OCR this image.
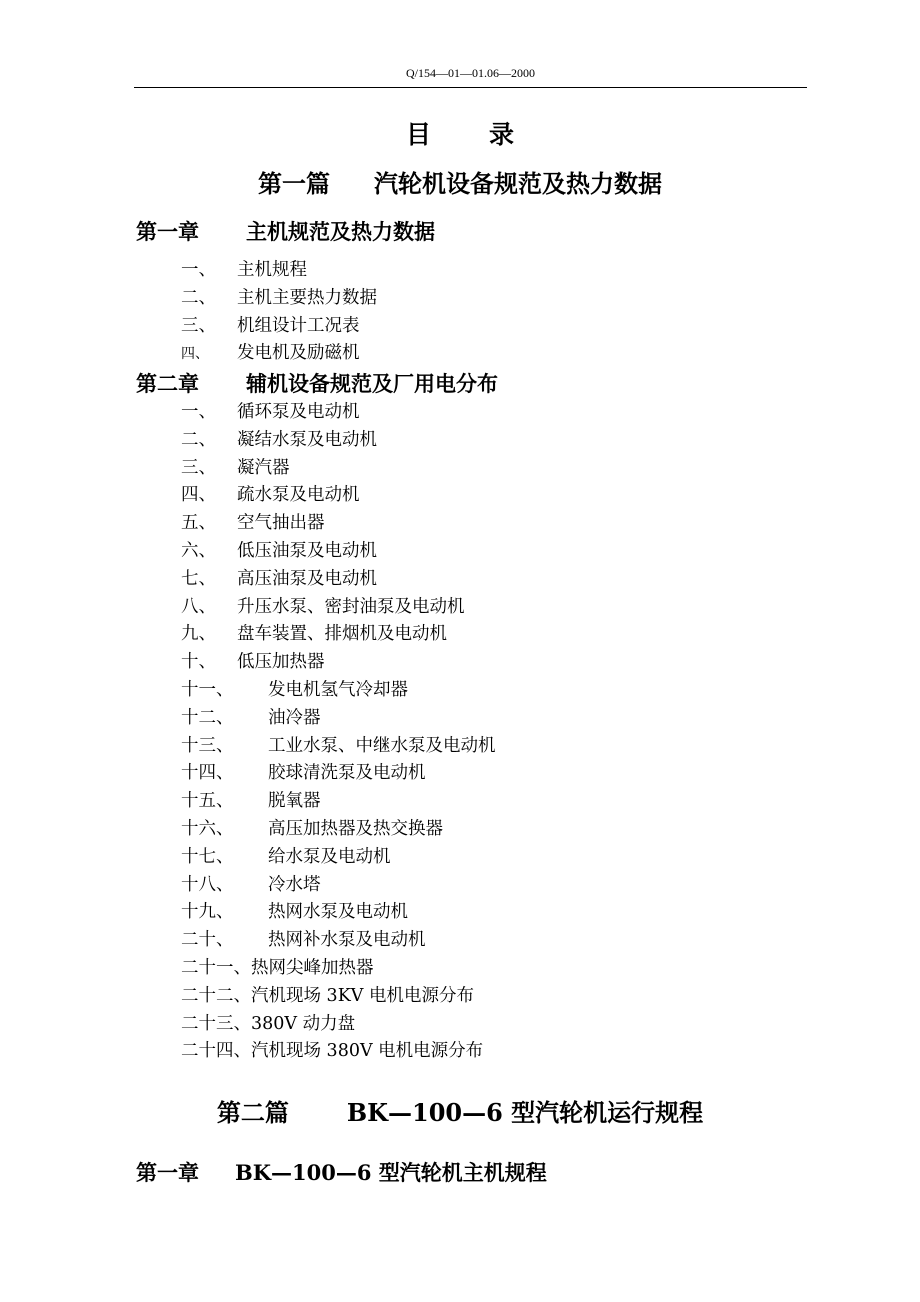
Q/154—01—01.06—2000
目录
第一篇 汽轮机设备规范及热力数据
第一章 主机规范及热力数据
一、 主机规程
二、 主机主要热力数据
三、 机组设计工况表
四、 发电机及励磁机
第二章 辅机设备规范及厂用电分布
一、 循环泵及电动机
二、 凝结水泵及电动机
三、 凝汽器
四、 疏水泵及电动机
五、 空气抽出器
六、 低压油泵及电动机
七、 高压油泵及电动机
八、 升压水泵、密封油泵及电动机
九、 盘车装置、排烟机及电动机
十、 低压加热器
十一、 发电机氢气冷却器
十二、 油冷器
十三、 工业水泵、中继水泵及电动机
十四、 胶球清洗泵及电动机
十五、 脱氧器
十六、 高压加热器及热交换器
十七、 给水泵及电动机
十八、 冷水塔
十九、 热网水泵及电动机
二十、 热网补水泵及电动机
二十一、热网尖峰加热器
二十二、汽机现场 3KV 电机电源分布
二十三、380V 动力盘
二十四、汽机现场 380V 电机电源分布
第二篇 BK—100—6 型汽轮机运行规程
第一章 BK—100—6 型汽轮机主机规程
